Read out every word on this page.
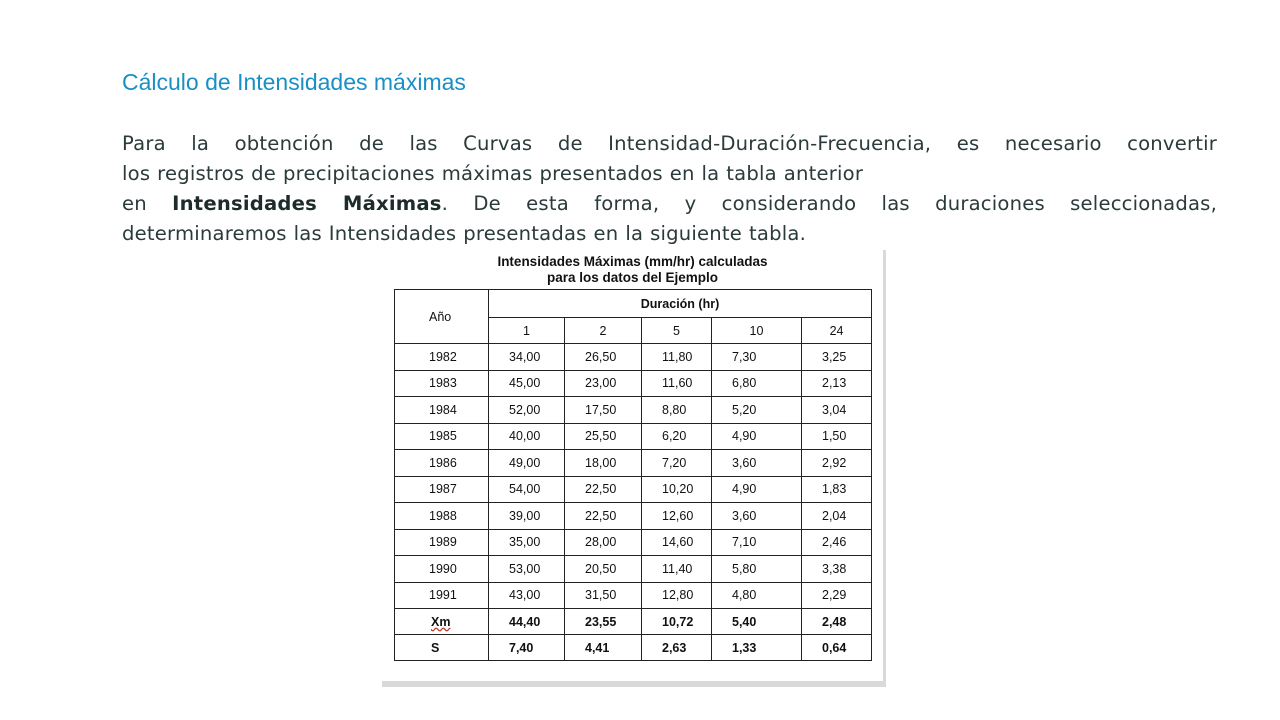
Cálculo de Intensidades máximas
Para la obtención de las Curvas de Intensidad-Duración-Frecuencia, es necesario convertir
los registros de precipitaciones máximas presentados en la tabla anterior
en Intensidades Máximas. De esta forma, y considerando las duraciones seleccionadas,
determinaremos las Intensidades presentadas en la siguiente tabla.
Intensidades Máximas (mm/hr) calculadas
para los datos del Ejemplo
Año	Duración (hr)				
	1	2	5	10	24
1982	34,00	26,50	11,80	7,30	3,25
1983	45,00	23,00	11,60	6,80	2,13
1984	52,00	17,50	8,80	5,20	3,04
1985	40,00	25,50	6,20	4,90	1,50
1986	49,00	18,00	7,20	3,60	2,92
1987	54,00	22,50	10,20	4,90	1,83
1988	39,00	22,50	12,60	3,60	2,04
1989	35,00	28,00	14,60	7,10	2,46
1990	53,00	20,50	11,40	5,80	3,38
1991	43,00	31,50	12,80	4,80	2,29
Xm	44,40	23,55	10,72	5,40	2,48
S	7,40	4,41	2,63	1,33	0,64
